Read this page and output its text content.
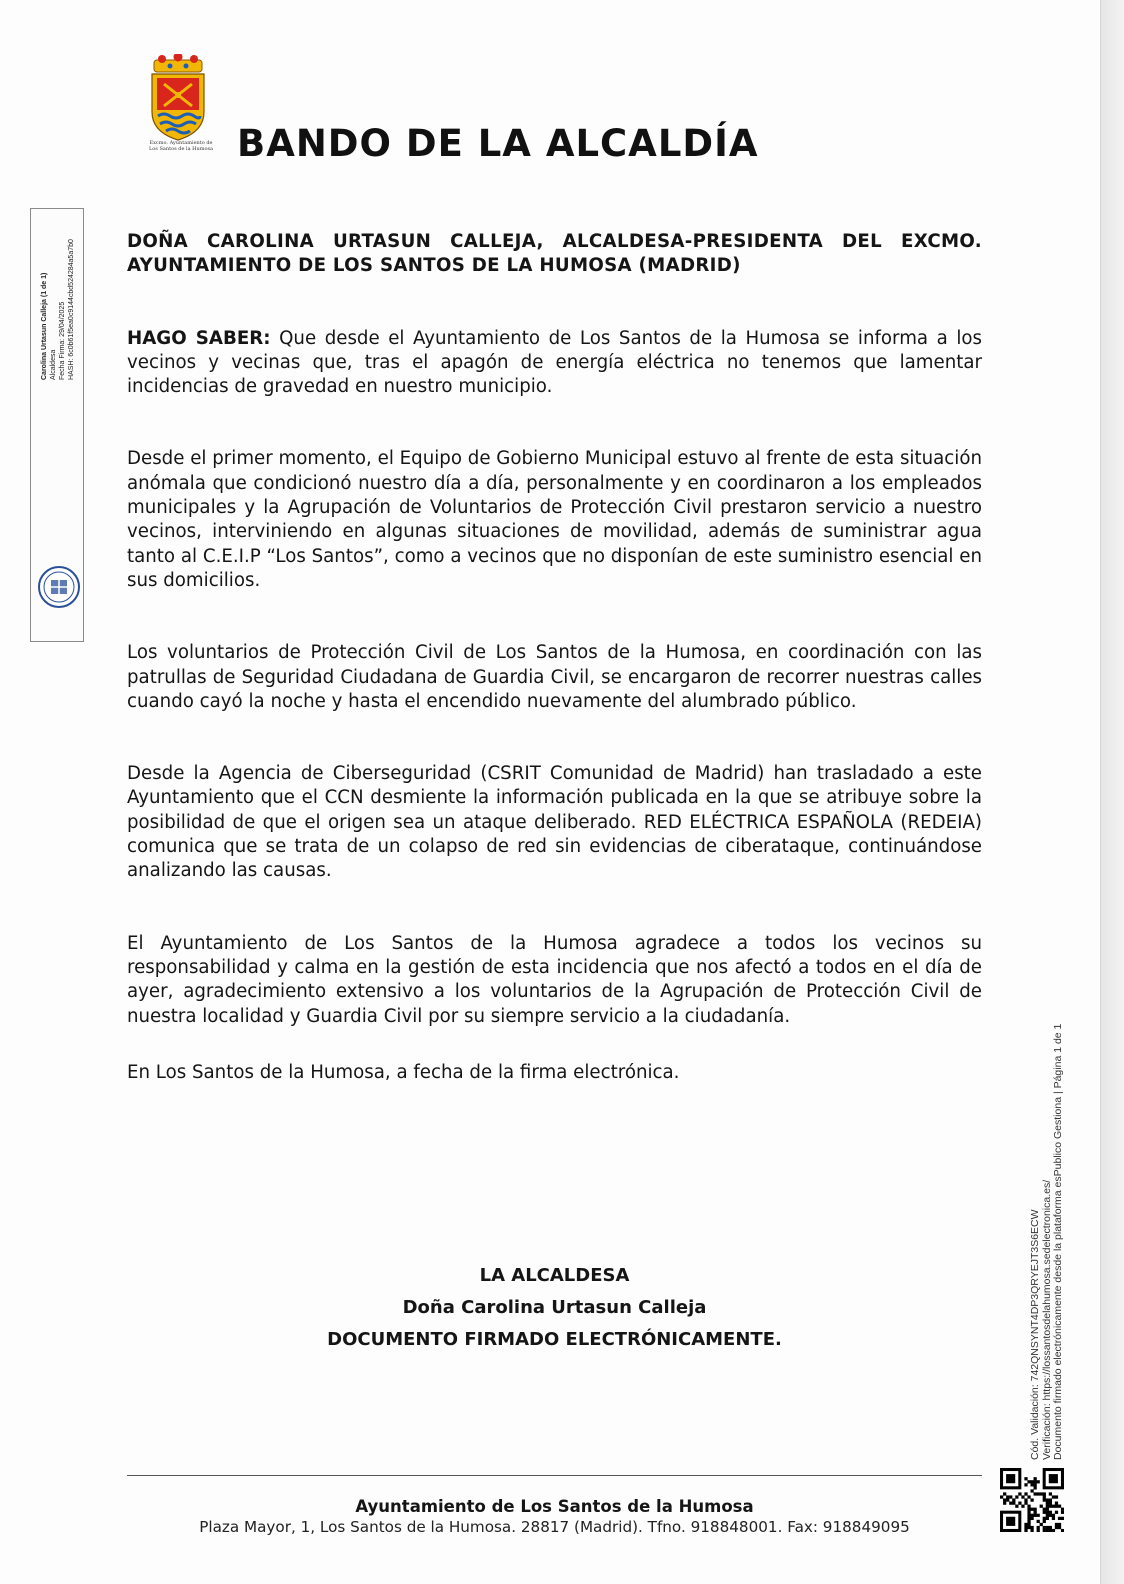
Excmo. Ayuntamiento de
Los Santos de la Humosa BANDO DE LA ALCALDÍA
Carolina Urtasun Calleja (1 de 1) Alcaldesa Fecha Firma: 29/04/2025 HASH: 6c0b61f5ea0c9144cbd524284a5a7b0	DOÑA CAROLINA URTASUN CALLEJA, ALCALDESA-PRESIDENTA DEL EXCMO. AYUNTAMIENTO DE LOS SANTOS DE LA HUMOSA (MADRID)

HAGO SABER: Que desde el Ayuntamiento de Los Santos de la Humosa se informa a los vecinos y vecinas que, tras el apagón de energía eléctrica no tenemos que lamentar incidencias de gravedad en nuestro municipio.

Desde el primer momento, el Equipo de Gobierno Municipal estuvo al frente de esta situación anómala que condicionó nuestro día a día, personalmente y en coordinaron a los empleados municipales y la Agrupación de Voluntarios de Protección Civil prestaron servicio a nuestro vecinos, interviniendo en algunas situaciones de movilidad, además de suministrar agua tanto al C.E.I.P “Los Santos”, como a vecinos que no disponían de este suministro esencial en sus domicilios.

Los voluntarios de Protección Civil de Los Santos de la Humosa, en coordinación con las patrullas de Seguridad Ciudadana de Guardia Civil, se encargaron de recorrer nuestras calles cuando cayó la noche y hasta el encendido nuevamente del alumbrado público.

Desde la Agencia de Ciberseguridad (CSRIT Comunidad de Madrid) han trasladado a este Ayuntamiento que el CCN desmiente la información publicada en la que se atribuye sobre la posibilidad de que el origen sea un ataque deliberado. RED ELÉCTRICA ESPAÑOLA (REDEIA) comunica que se trata de un colapso de red sin evidencias de ciberataque, continuándose analizando las causas.

El Ayuntamiento de Los Santos de la Humosa agradece a todos los vecinos su responsabilidad y calma en la gestión de esta incidencia que nos afectó a todos en el día de ayer, agradecimiento extensivo a los voluntarios de la Agrupación de Protección Civil de nuestra localidad y Guardia Civil por su siempre servicio a la ciudadanía.

En Los Santos de la Humosa, a fecha de la firma electrónica.

LA ALCALDESA
Doña Carolina Urtasun Calleja
DOCUMENTO FIRMADO ELECTRÓNICAMENTE.
Ayuntamiento de Los Santos de la Humosa
Plaza Mayor, 1, Los Santos de la Humosa. 28817 (Madrid). Tfno. 918848001. Fax: 918849095
Cód. Validación: 742QNSYNT4DP3QRYEJT3S6ECW Verificación: https://lossantosdelahumosa.sedelectronica.es/ Documento firmado electrónicamente desde la plataforma esPublico Gestiona | Página 1 de 1
